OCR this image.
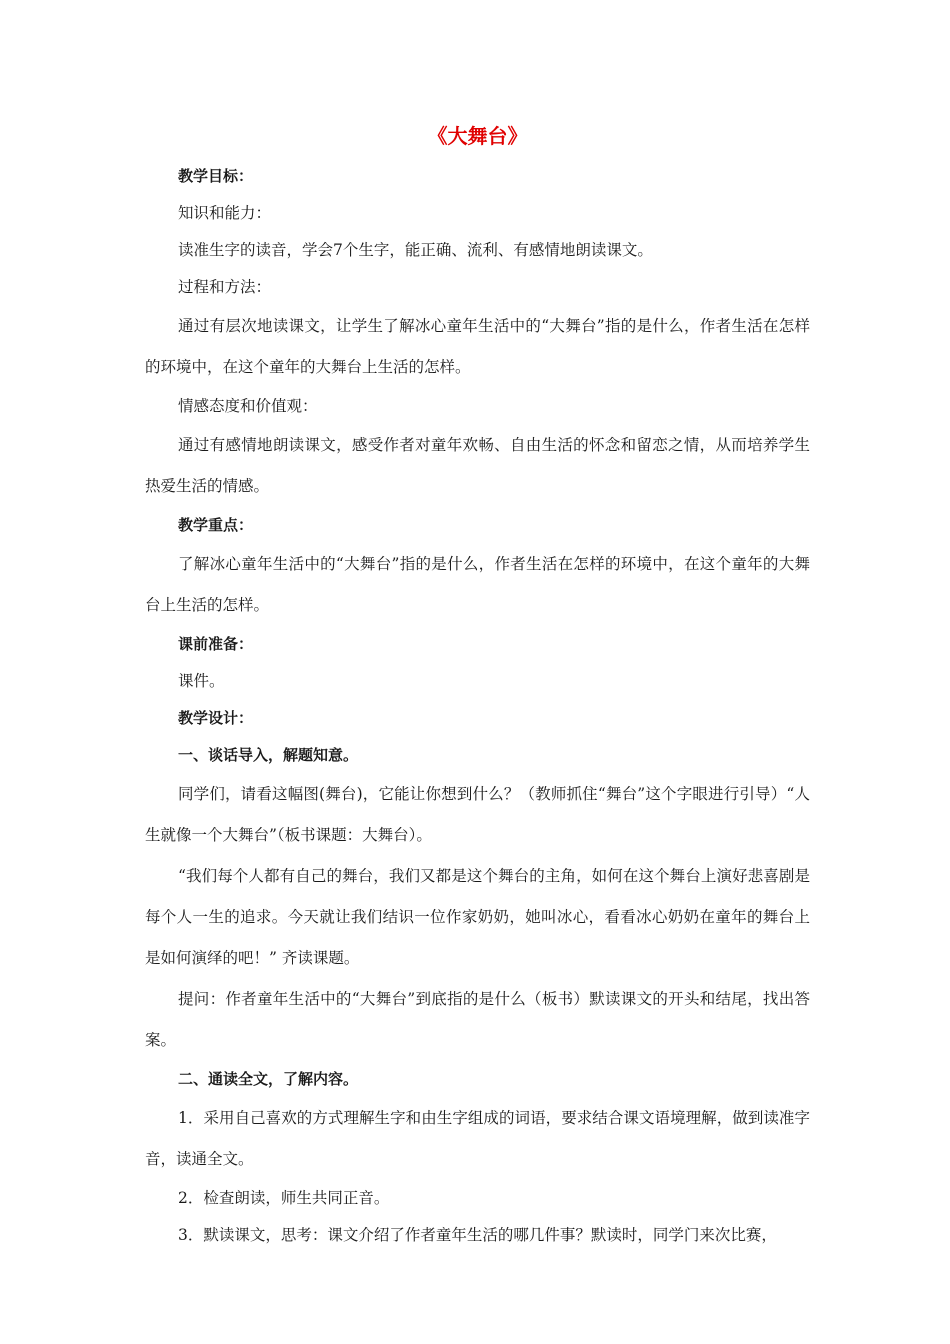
《大舞台》

教学目标：

知识和能力：

读准生字的读音，学会7个生字，能正确、流利、有感情地朗读课文。

过程和方法：

通过有层次地读课文，让学生了解冰心童年生活中的“大舞台”指的是什么，作者生活在怎样的环境中，在这个童年的大舞台上生活的怎样。

情感态度和价值观：

通过有感情地朗读课文，感受作者对童年欢畅、自由生活的怀念和留恋之情，从而培养学生热爱生活的情感。

教学重点：

了解冰心童年生活中的“大舞台”指的是什么，作者生活在怎样的环境中，在这个童年的大舞台上生活的怎样。

课前准备：

课件。

教学设计：

一、谈话导入，解题知意。

同学们，请看这幅图(舞台)，它能让你想到什么？（教师抓住“舞台”这个字眼进行引导）“人生就像一个大舞台”（板书课题：大舞台）。

“我们每个人都有自己的舞台，我们又都是这个舞台的主角，如何在这个舞台上演好悲喜剧是每个人一生的追求。今天就让我们结识一位作家奶奶，她叫冰心，看看冰心奶奶在童年的舞台上是如何演绎的吧！” 齐读课题。

提问：作者童年生活中的“大舞台”到底指的是什么（板书）默读课文的开头和结尾，找出答案。

二、通读全文，了解内容。

1．采用自己喜欢的方式理解生字和由生字组成的词语，要求结合课文语境理解，做到读准字音，读通全文。

2．检查朗读，师生共同正音。

3．默读课文，思考：课文介绍了作者童年生活的哪几件事？默读时，同学门来次比赛，
